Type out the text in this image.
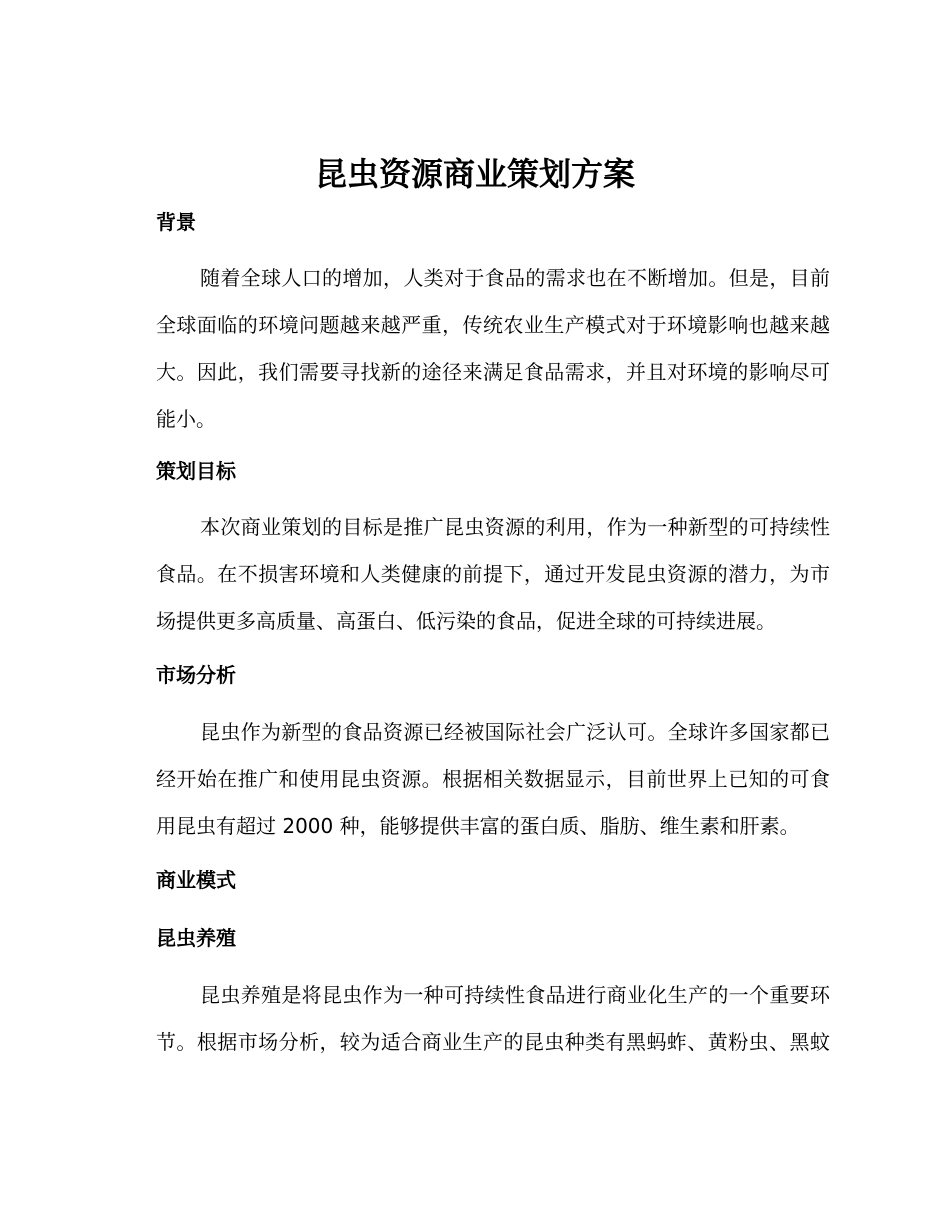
昆虫资源商业策划方案
背景
随着全球人口的增加，人类对于食品的需求也在不断增加。但是，目前
全球面临的环境问题越来越严重，传统农业生产模式对于环境影响也越来越
大。因此，我们需要寻找新的途径来满足食品需求，并且对环境的影响尽可
能小。
策划目标
本次商业策划的目标是推广昆虫资源的利用，作为一种新型的可持续性
食品。在不损害环境和人类健康的前提下，通过开发昆虫资源的潜力，为市
场提供更多高质量、高蛋白、低污染的食品，促进全球的可持续进展。
市场分析
昆虫作为新型的食品资源已经被国际社会广泛认可。全球许多国家都已
经开始在推广和使用昆虫资源。根据相关数据显示，目前世界上已知的可食
用昆虫有超过 2000 种，能够提供丰富的蛋白质、脂肪、维生素和肝素。
商业模式
昆虫养殖
昆虫养殖是将昆虫作为一种可持续性食品进行商业化生产的一个重要环
节。根据市场分析，较为适合商业生产的昆虫种类有黑蚂蚱、黄粉虫、黑蚊
